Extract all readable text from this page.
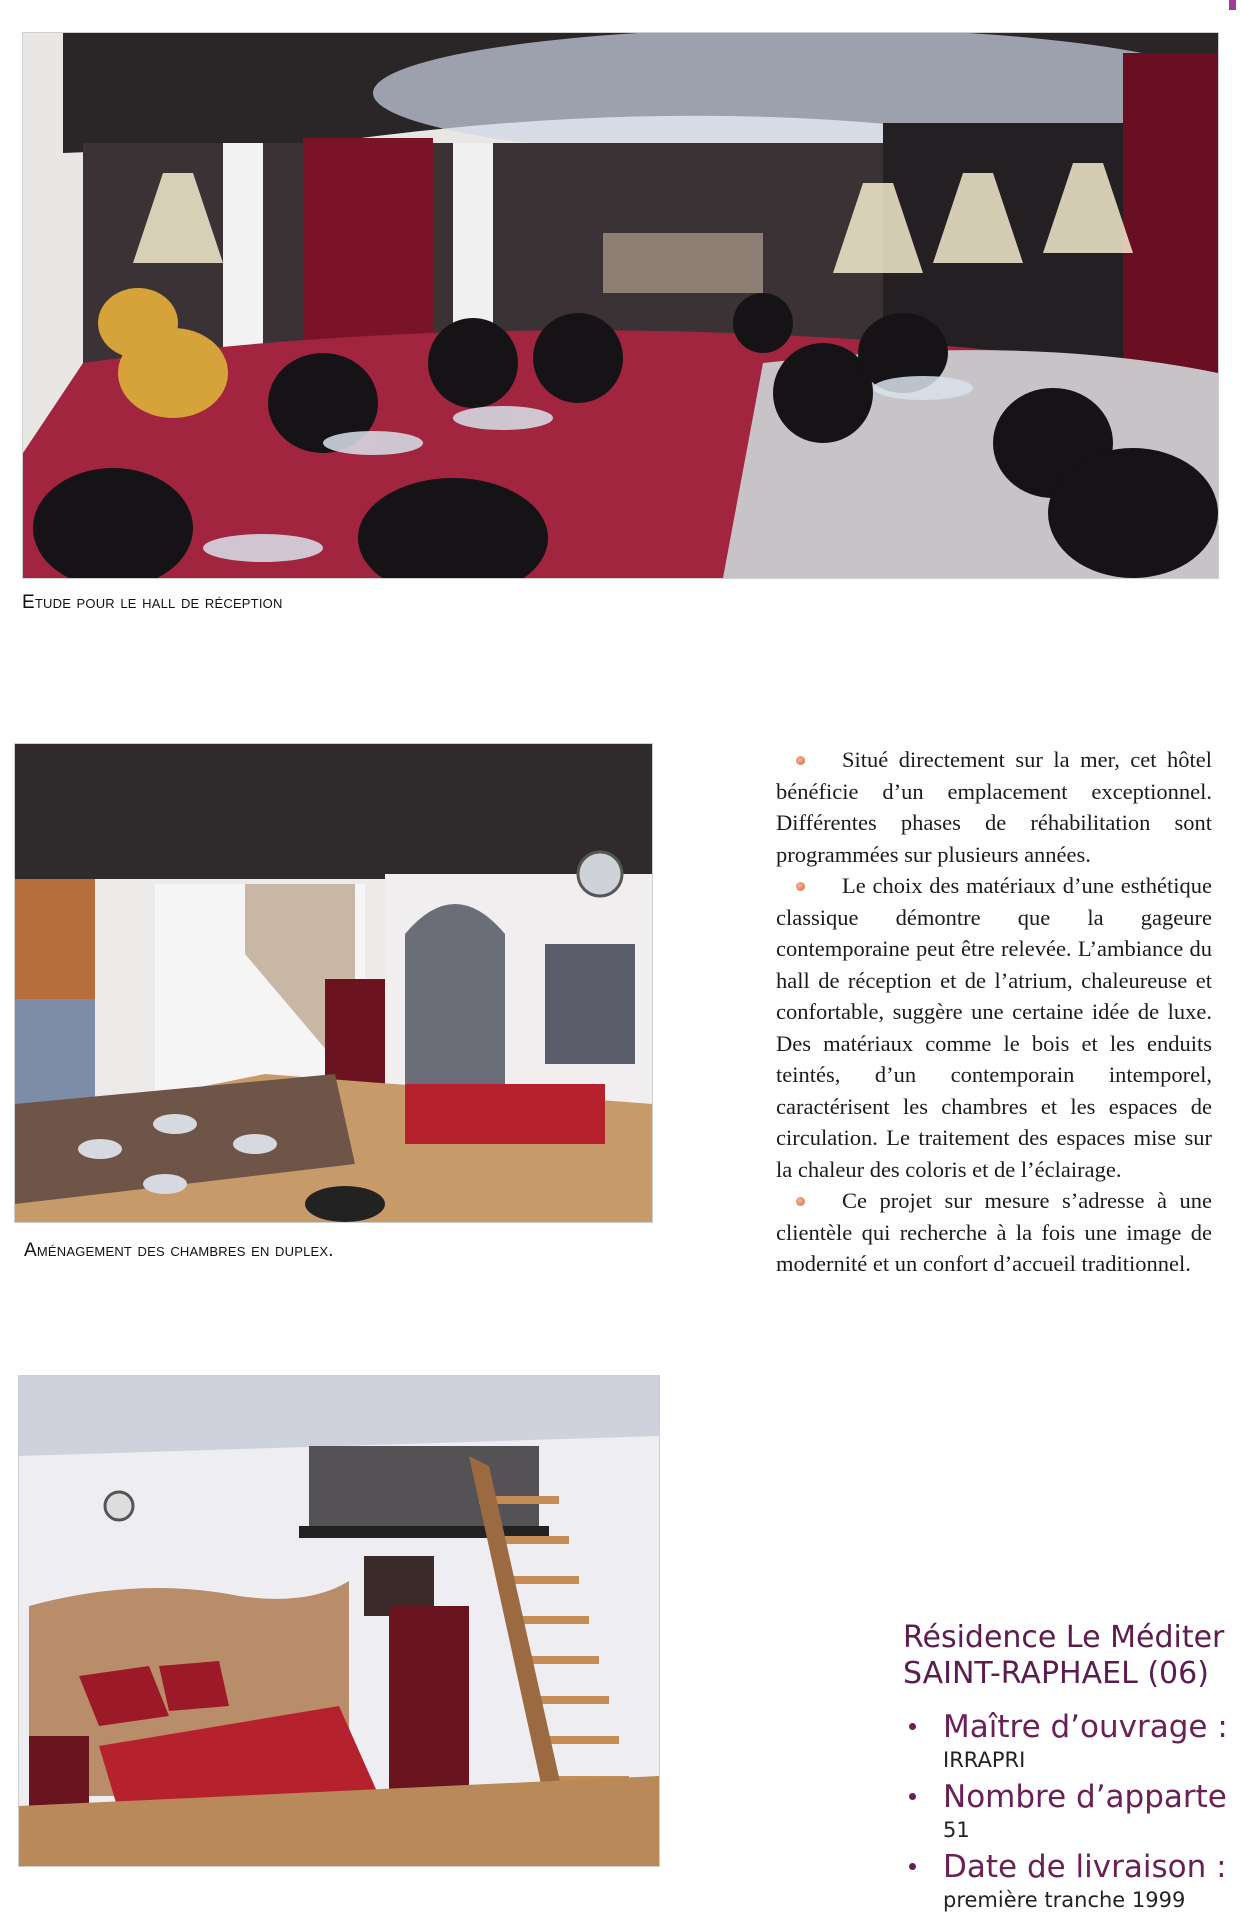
Etude pour le hall de réception
Aménagement des chambres en duplex.

Situé directement sur la mer, cet hôtel bénéficie d’un emplacement exceptionnel. Différentes phases de réhabilitation sont programmées sur plusieurs années.

Le choix des matériaux d’une esthétique classique démontre que la gageure contemporaine peut être relevée. L’ambiance du hall de réception et de l’atrium, chaleureuse et confortable, suggère une certaine idée de luxe. Des matériaux comme le bois et les enduits teintés, d’un contemporain intemporel, caractérisent les chambres et les espaces de circulation. Le traitement des espaces mise sur la chaleur des coloris et de l’éclairage.

Ce projet sur mesure s’adresse à une clientèle qui recherche à la fois une image de modernité et un confort d’accueil traditionnel.

Résidence Le Méditer
SAINT-RAPHAEL (06)
Maître d’ouvrage :
IRRAPRI
Nombre d’apparte
51
Date de livraison :
première tranche 1999
